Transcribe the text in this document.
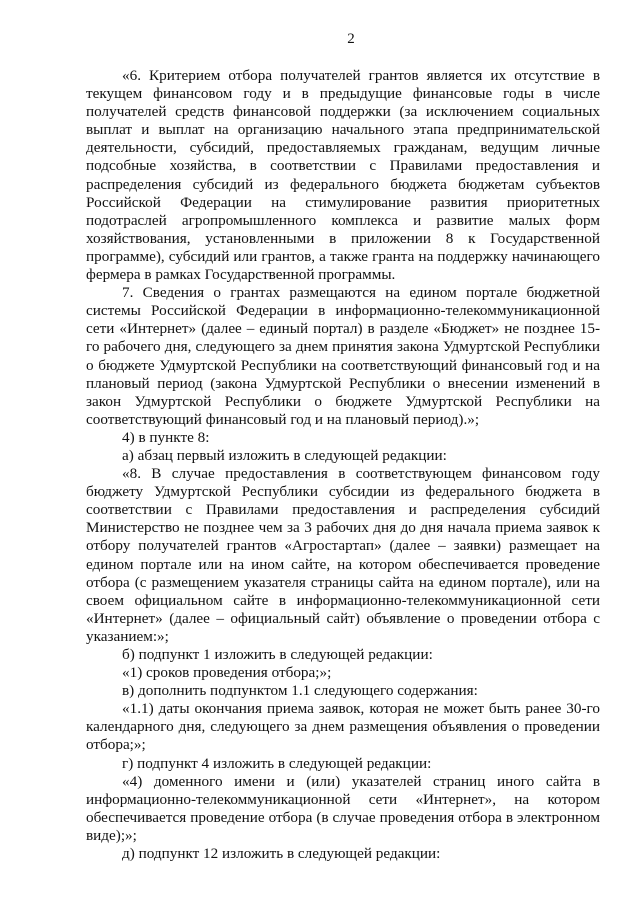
2

«6. Критерием отбора получателей грантов является их отсутствие в текущем финансовом году и в предыдущие финансовые годы в числе получателей средств финансовой поддержки (за исключением социальных выплат и выплат на организацию начального этапа предпринимательской деятельности, субсидий, предоставляемых гражданам, ведущим личные подсобные хозяйства, в соответствии с Правилами предоставления и распределения субсидий из федерального бюджета бюджетам субъектов Российской Федерации на стимулирование развития приоритетных подотраслей агропромышленного комплекса и развитие малых форм хозяйствования, установленными в приложении 8 к Государственной программе), субсидий или грантов, а также гранта на поддержку начинающего фермера в рамках Государственной программы.

7. Сведения о грантах размещаются на едином портале бюджетной системы Российской Федерации в информационно-телекоммуникационной сети «Интернет» (далее – единый портал) в разделе «Бюджет» не позднее 15-го рабочего дня, следующего за днем принятия закона Удмуртской Республики о бюджете Удмуртской Республики на соответствующий финансовый год и на плановый период (закона Удмуртской Республики о внесении изменений в закон Удмуртской Республики о бюджете Удмуртской Республики на соответствующий финансовый год и на плановый период).»;

4) в пункте 8:

а) абзац первый изложить в следующей редакции:

«8. В случае предоставления в соответствующем финансовом году бюджету Удмуртской Республики субсидии из федерального бюджета в соответствии с Правилами предоставления и распределения субсидий Министерство не позднее чем за 3 рабочих дня до дня начала приема заявок к отбору получателей грантов «Агростартап» (далее – заявки) размещает на едином портале или на ином сайте, на котором обеспечивается проведение отбора (с размещением указателя страницы сайта на едином портале), или на своем официальном сайте в информационно-телекоммуникационной сети «Интернет» (далее – официальный сайт) объявление о проведении отбора с указанием:»;

б) подпункт 1 изложить в следующей редакции:

«1) сроков проведения отбора;»;

в) дополнить подпунктом 1.1 следующего содержания:

«1.1) даты окончания приема заявок, которая не может быть ранее 30-го календарного дня, следующего за днем размещения объявления о проведении отбора;»;

г) подпункт 4 изложить в следующей редакции:

«4) доменного имени и (или) указателей страниц иного сайта в информационно-телекоммуникационной сети «Интернет», на котором обеспечивается проведение отбора (в случае проведения отбора в электронном виде);»;

д) подпункт 12 изложить в следующей редакции:
